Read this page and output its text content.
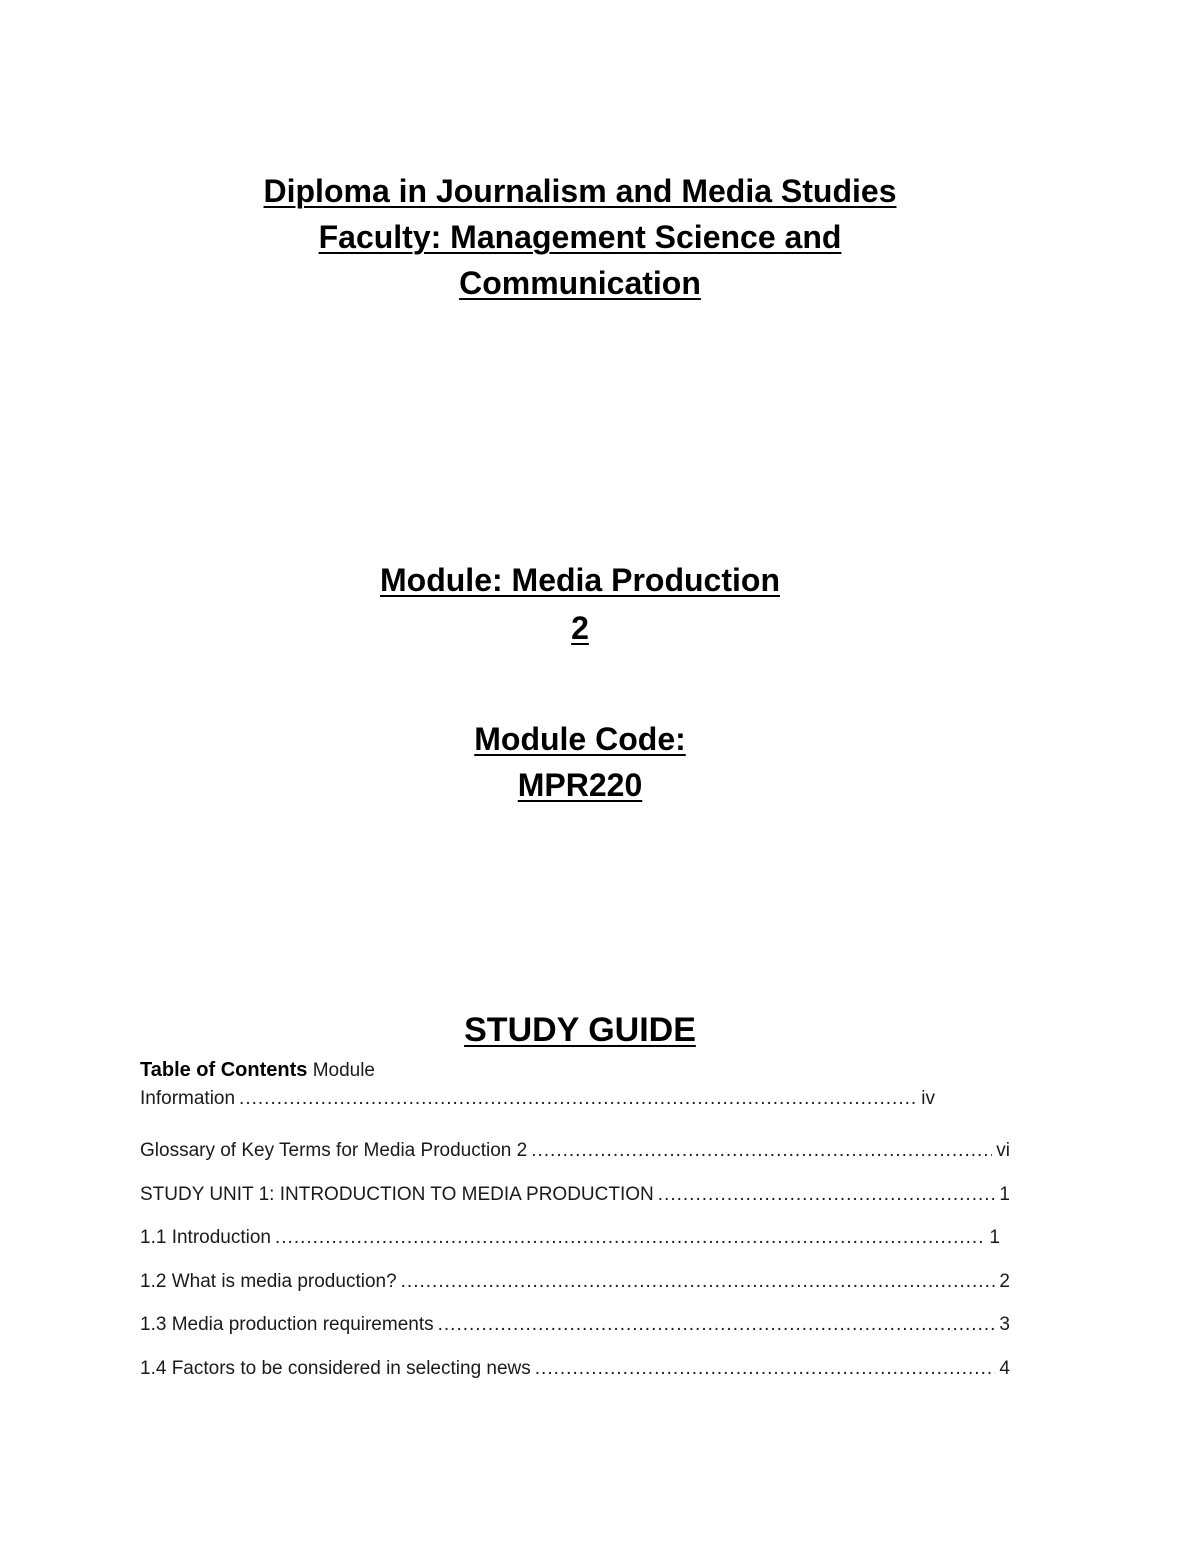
Diploma in Journalism and Media Studies
Faculty: Management Science and
Communication
Module: Media Production
2
Module Code:
MPR220
STUDY GUIDE
Table of Contents Module
Information .....	iv
Glossary of Key Terms for Media Production 2 .....	vi
STUDY UNIT 1: INTRODUCTION TO MEDIA PRODUCTION .....	1
1.1 Introduction .....	1
1.2 What is media production? .....	2
1.3 Media production requirements .....	3
1.4 Factors to be considered in selecting news .....	4
